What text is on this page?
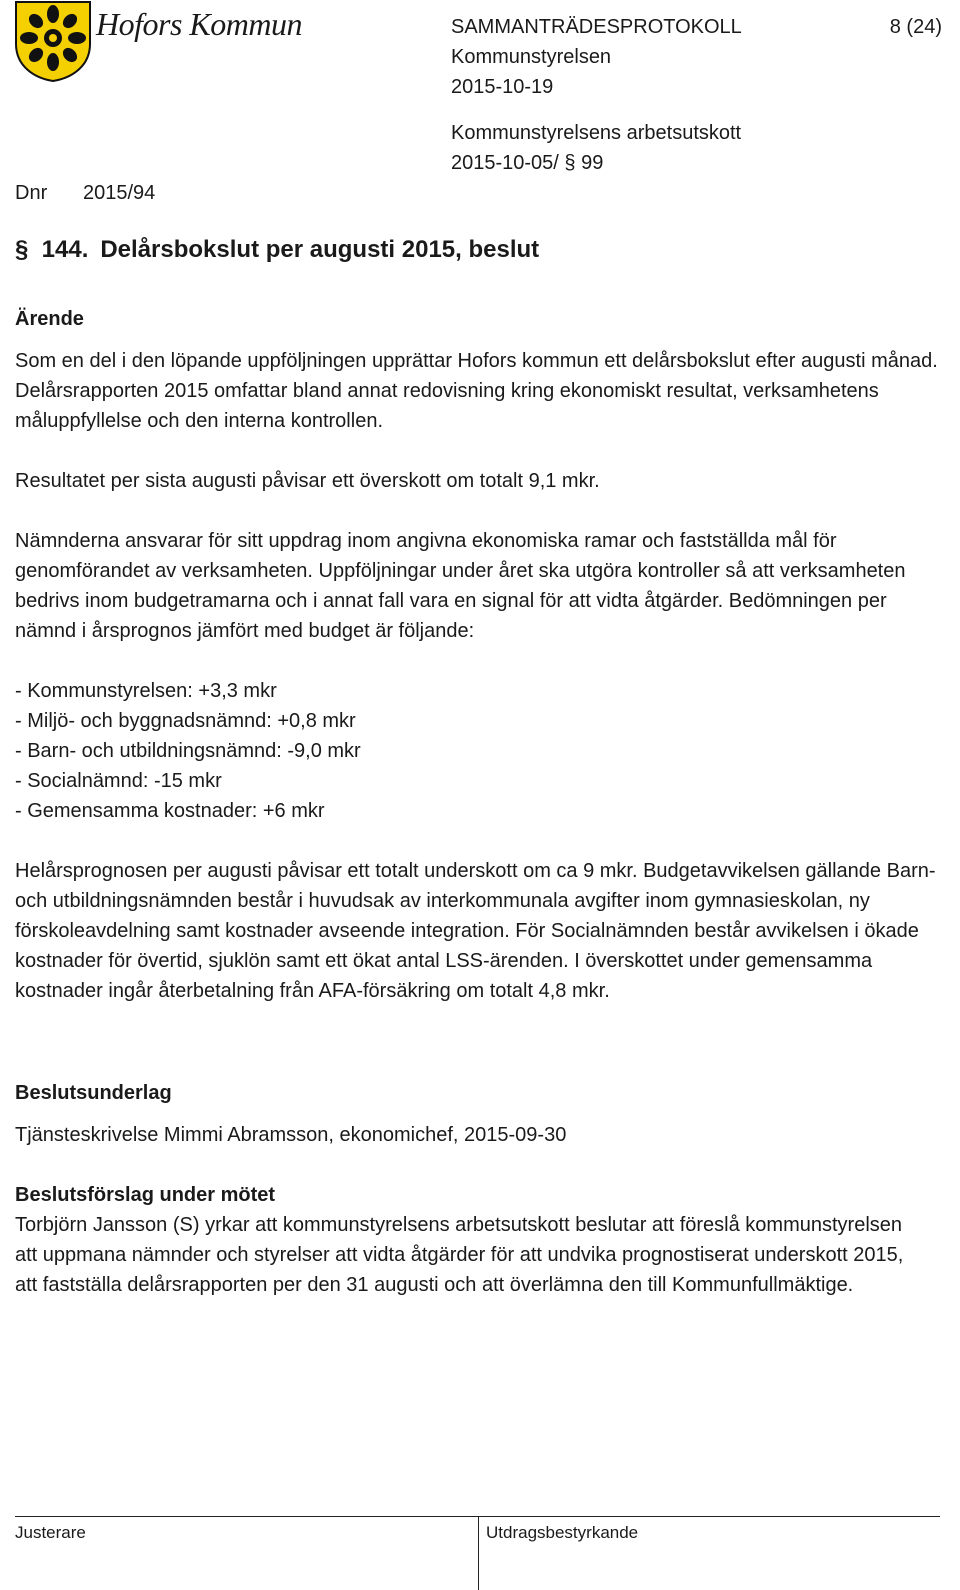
Hofors Kommun	SAMMANTRÄDESPROTOKOLL	8 (24)
Kommunstyrelsen
2015-10-19
Kommunstyrelsens arbetsutskott
2015-10-05/ § 99
Dnr 2015/94
§ 144. Delårsbokslut per augusti 2015, beslut
Ärende

Som en del i den löpande uppföljningen upprättar Hofors kommun ett delårsbokslut efter augusti månad. Delårsrapporten 2015 omfattar bland annat redovisning kring ekonomiskt resultat, verksamhetens måluppfyllelse och den interna kontrollen.

Resultatet per sista augusti påvisar ett överskott om totalt 9,1 mkr.

Nämnderna ansvarar för sitt uppdrag inom angivna ekonomiska ramar och fastställda mål för genomförandet av verksamheten. Uppföljningar under året ska utgöra kontroller så att verksamheten bedrivs inom budgetramarna och i annat fall vara en signal för att vidta åtgärder. Bedömningen per nämnd i årsprognos jämfört med budget är följande:

- Kommunstyrelsen: +3,3 mkr
- Miljö- och byggnadsnämnd: +0,8 mkr
- Barn- och utbildningsnämnd: -9,0 mkr
- Socialnämnd: -15 mkr
- Gemensamma kostnader: +6 mkr

Helårsprognosen per augusti påvisar ett totalt underskott om ca 9 mkr. Budgetavvikelsen gällande Barn- och utbildningsnämnden består i huvudsak av interkommunala avgifter inom gymnasieskolan, ny förskoleavdelning samt kostnader avseende integration. För Socialnämnden består avvikelsen i ökade kostnader för övertid, sjuklön samt ett ökat antal LSS-ärenden. I överskottet under gemensamma kostnader ingår återbetalning från AFA-försäkring om totalt 4,8 mkr.

Beslutsunderlag
Tjänsteskrivelse Mimmi Abramsson, ekonomichef, 2015-09-30
Beslutsförslag under mötet

Torbjörn Jansson (S) yrkar att kommunstyrelsens arbetsutskott beslutar att föreslå kommunstyrelsen

att uppmana nämnder och styrelser att vidta åtgärder för att undvika prognostiserat underskott 2015,

att fastställa delårsrapporten per den 31 augusti och att överlämna den till Kommunfullmäktige.

Justerare	Utdragsbestyrkande
